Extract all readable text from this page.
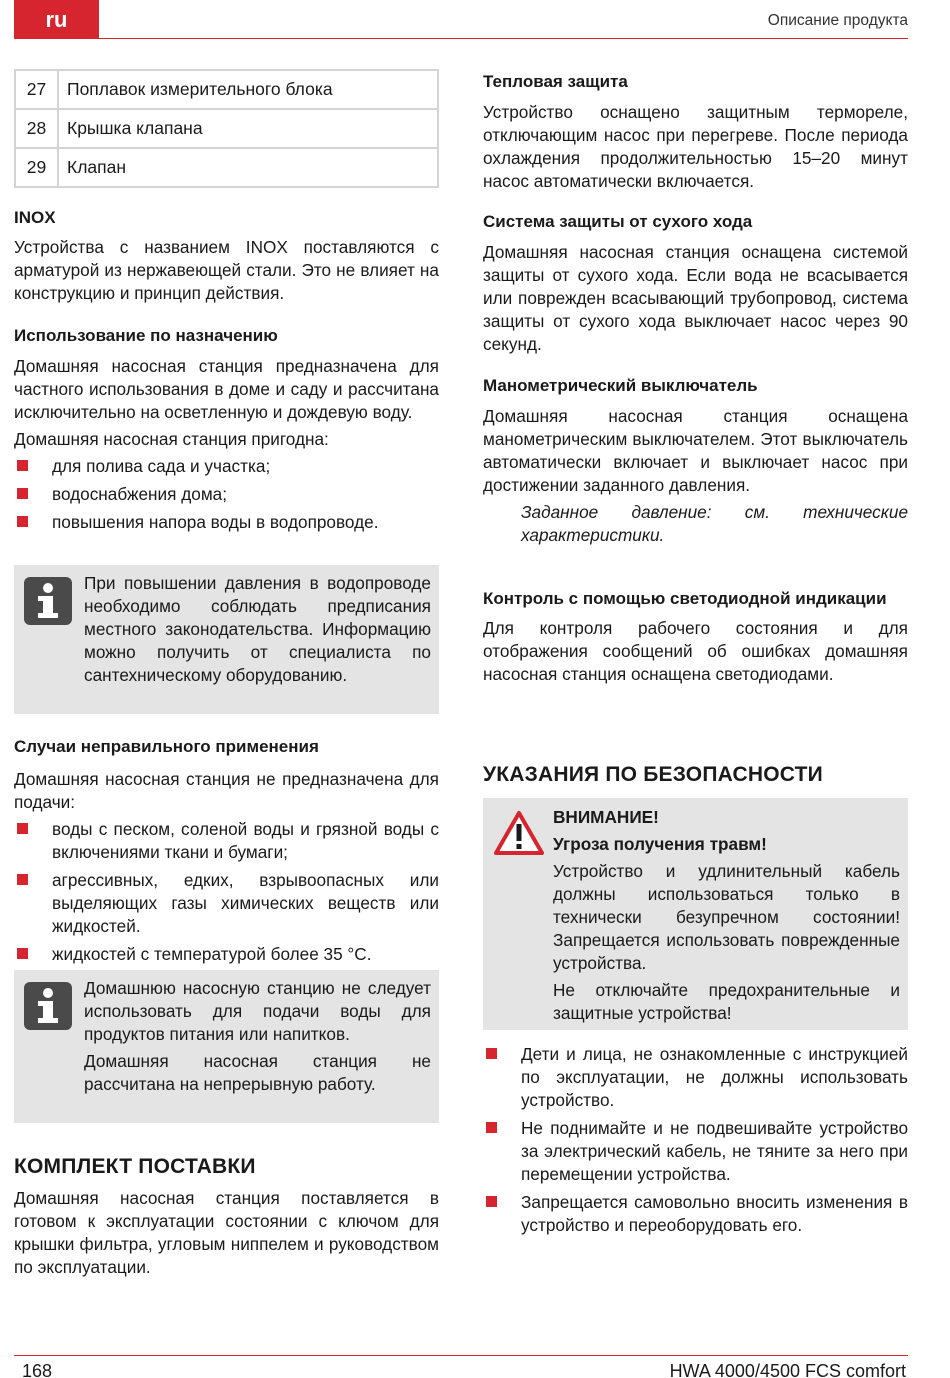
ru	Описание продукта
27	Поплавок измерительного блока
28	Крышка клапана
29	Клапан
INOX
Устройства с названием INOX поставляются с арматурой из нержавеющей стали. Это не влияет на конструкцию и принцип действия.
Использование по назначению
Домашняя насосная станция предназначена для частного использования в доме и саду и рассчитана исключительно на осветленную и дождевую воду.
Домашняя насосная станция пригодна:
для полива сада и участка;
водоснабжения дома;
повышения напора воды в водопроводе.
При повышении давления в водопроводе необходимо соблюдать предписания местного законодательства. Информацию можно получить от специалиста по сантехническому оборудованию.
Случаи неправильного применения
Домашняя насосная станция не предназначена для подачи:
воды с песком, соленой воды и грязной воды с включениями ткани и бумаги;
агрессивных, едких, взрывоопасных или выделяющих газы химических веществ или жидкостей.
жидкостей с температурой более 35 °C.
Домашнюю насосную станцию не следует использовать для подачи воды для продуктов питания или напитков.
Домашняя насосная станция не рассчитана на непрерывную работу.
КОМПЛЕКТ ПОСТАВКИ
Домашняя насосная станция поставляется в готовом к эксплуатации состоянии с ключом для крышки фильтра, угловым ниппелем и руководством по эксплуатации.
Тепловая защита
Устройство оснащено защитным термореле, отключающим насос при перегреве. После периода охлаждения продолжительностью 15–20 минут насос автоматически включается.
Система защиты от сухого хода
Домашняя насосная станция оснащена системой защиты от сухого хода. Если вода не всасывается или поврежден всасывающий трубопровод, система защиты от сухого хода выключает насос через 90 секунд.
Манометрический выключатель
Домашняя насосная станция оснащена манометрическим выключателем. Этот выключатель автоматически включает и выключает насос при достижении заданного давления.
Заданное давление: см. технические характеристики.
Контроль с помощью светодиодной индикации
Для контроля рабочего состояния и для отображения сообщений об ошибках домашняя насосная станция оснащена светодиодами.
УКАЗАНИЯ ПО БЕЗОПАСНОСТИ
ВНИМАНИЕ!
Угроза получения травм!
Устройство и удлинительный кабель должны использоваться только в технически безупречном состоянии! Запрещается использовать поврежденные устройства.
Не отключайте предохранительные и защитные устройства!
Дети и лица, не ознакомленные с инструкцией по эксплуатации, не должны использовать устройство.
Не поднимайте и не подвешивайте устройство за электрический кабель, не тяните за него при перемещении устройства.
Запрещается самовольно вносить изменения в устройство и переоборудовать его.
168	HWA 4000/4500 FCS comfort
